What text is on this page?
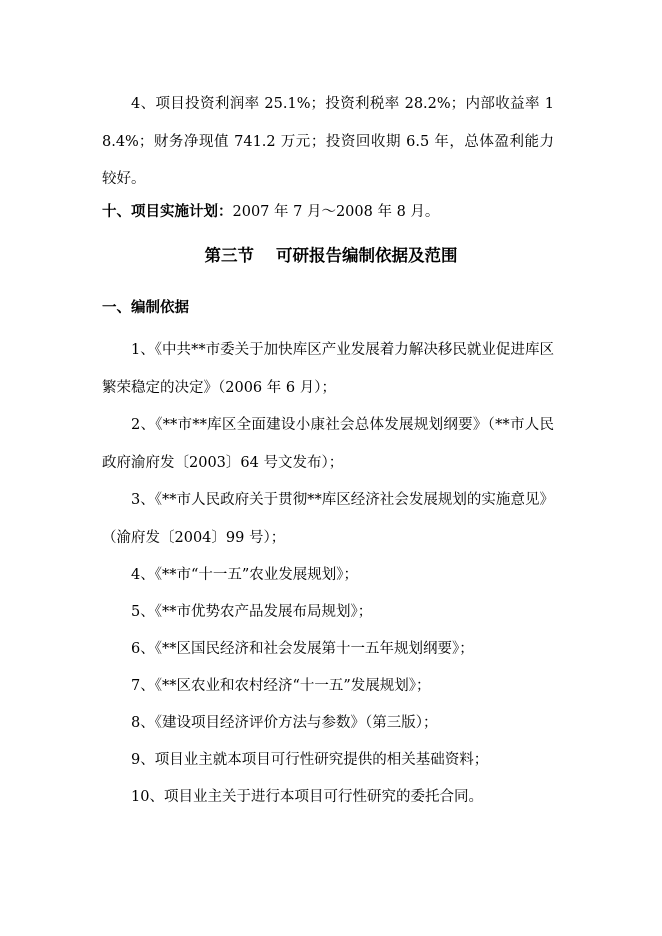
4、项目投资利润率 25.1%；投资利税率 28.2%；内部收益率 18.4%；财务净现值 741.2 万元；投资回收期 6.5 年，总体盈利能力较好。

十、项目实施计划：2007 年 7 月～2008 年 8 月。

第三节 可研报告编制依据及范围

一、编制依据

1、《中共**市委关于加快库区产业发展着力解决移民就业促进库区繁荣稳定的决定》（2006 年 6 月）；

2、《**市**库区全面建设小康社会总体发展规划纲要》（**市人民政府渝府发〔2003〕64 号文发布）；

3、《**市人民政府关于贯彻**库区经济社会发展规划的实施意见》（渝府发〔2004〕99 号）；

4、《**市“十一五”农业发展规划》；

5、《**市优势农产品发展布局规划》；

6、《**区国民经济和社会发展第十一五年规划纲要》；

7、《**区农业和农村经济“十一五”发展规划》；

8、《建设项目经济评价方法与参数》（第三版）；

9、项目业主就本项目可行性研究提供的相关基础资料；

10、项目业主关于进行本项目可行性研究的委托合同。
